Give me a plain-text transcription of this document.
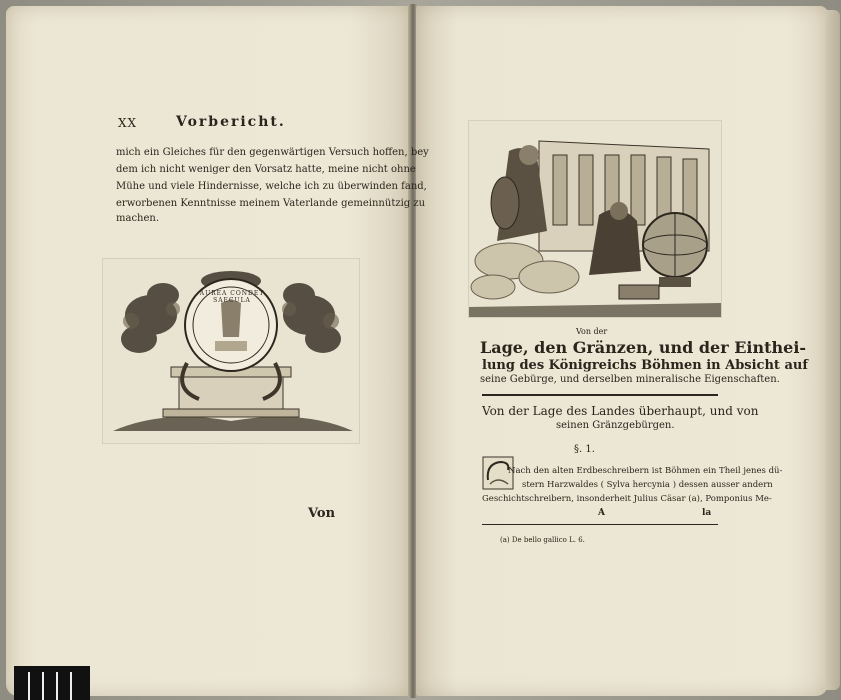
XX	Vorbericht.
mich ein Gleiches für den gegenwärtigen Versuch hoffen, bey
dem ich nicht weniger den Vorsatz hatte, meine nicht ohne
Mühe und viele Hindernisse, welche ich zu überwinden fand,
erworbenen Kenntnisse meinem Vaterlande gemeinnützig zu
machen.
AUREA CONDET SAECULA
Von
Von der
Lage, den Gränzen, und der Einthei-
lung des Königreichs Böhmen in Absicht auf
seine Gebürge, und derselben mineralische Eigenschaften.
Von der Lage des Landes überhaupt, und von
seinen Gränzgebürgen.
§. 1.
Nach den alten Erdbeschreibern ist Böhmen ein Theil jenes dü-
stern Harzwaldes ( Sylva hercynia ) dessen ausser andern
Geschichtschreibern, insonderheit Julius Cäsar (a), Pomponius Me-
A	la
(a) De bello gallico L. 6.
